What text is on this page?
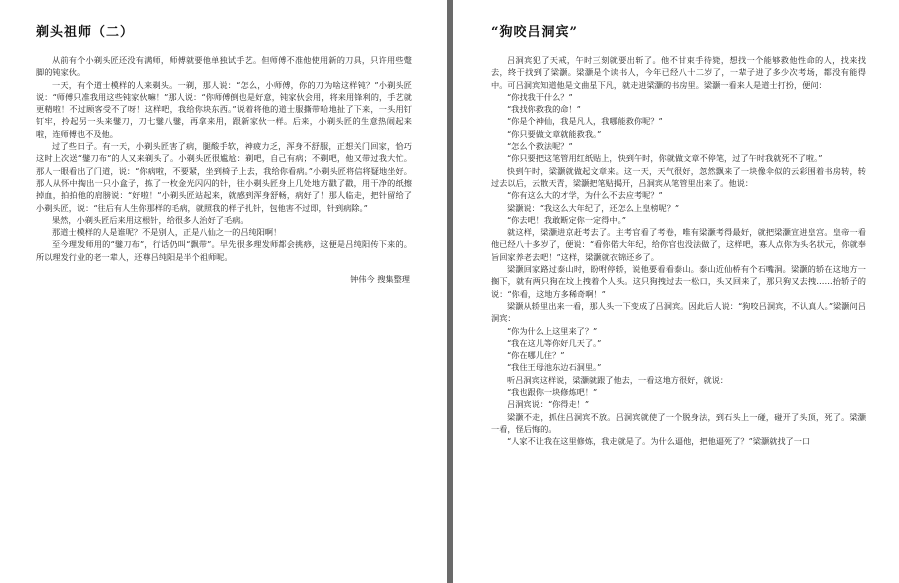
剃头祖师（二）

从前有个小剃头匠还没有满师，师傅就要他单独试手艺。但师傅不准他使用新的刀具，只许用些蹩脚的钝家伙。

一天，有个道士模样的人来剃头。一剃，那人说：“怎么，小师傅，你的刀为啥这样钝？”小剃头匠说：“师傅只准我用这些钝家伙嘛！”那人说：“你师傅倒也是好意，钝家伙会用，将来用锋利的，手艺就更精啦！不过顾客受不了呀！这样吧，我给你块东西。”说着将他的道士服撕带哈地扯了下来，一头用钉钉牢，拎起另一头来鐾刀，刀七鐾八鐾，再拿来用，跟新家伙一样。后来，小剃头匠的生意热闹起来啦，连师傅也不及他。

过了些日子。有一天，小剃头匠害了病，腿酸手软，神疲力乏，浑身不舒服，正想关门回家，恰巧这时上次送“鐾刀布”的人又来剃头了。小剃头匠很尴尬：剃吧，自己有病；不剃吧，他又带过我大忙。那人一眼看出了门道，说：“你病啦，不要紧，坐到椅子上去，我给你看病。”小剃头匠将信将疑地坐好。那人从怀中掏出一只小盒子，拣了一枚金光闪闪的针，往小剃头匠身上几处地方戳了戳，用干净的纸擦掉血，拍拍他的肩膀说：“好啦！”小剃头匠站起来，就感到浑身舒畅，病好了！那人临走，把针留给了小剃头匠，说：“往后有人生你那样的毛病，就照我的样子扎针，包他害不过即，针到病除。”

果然，小剃头匠后来用这根针，给很多人治好了毛病。

那道士模样的人是谁呢？不是别人，正是八仙之一的吕纯阳啊！

至今理发师用的“鐾刀布”，行话仍叫“飘带”。早先很多理发师都会挑痧，这便是吕纯阳传下来的。所以理发行业的老一辈人，还尊吕纯阳是半个祖师呢。

钟伟今 搜集整理
“狗咬吕洞宾”

吕洞宾犯了天戒，午时三刻就要出斩了。他不甘束手待毙，想找一个能够救他性命的人，找来找去，终于找到了梁灏。梁灏是个读书人，今年已经八十二岁了，一辈子进了多少次考场，都没有能得中。可吕洞宾知道他是文曲星下凡，就走进梁灏的书房里。梁灏一看来人是道士打扮，便问：

“你找我干什么？”

“我找你救我的命！”

“你是个神仙，我是凡人，我哪能救你呢？”

“你只要做文章就能救我。”

“怎么个救法呢？”

“你只要把这笔管用红纸贴上，快到午时，你就做文章不停笔，过了午时我就死不了啦。”

快到午时，梁灏就做起文章来。这一天，天气很好，忽然飘来了一块像伞似的云彩围着书房转，转过去以后，云散天青，梁灏把笔贴揭开，吕洞宾从笔管里出来了。他说：

“你有这么大的才学，为什么不去应考呢？”

梁灏说：“我这么大年纪了，还怎么上皇榜呢？”

“你去吧！我敢断定你一定得中。”

就这样，梁灏进京赶考去了。主考官看了考卷，唯有梁灏考得最好，就把梁灏宣进皇宫。皇帝一看他已经八十多岁了，便说：“看你偌大年纪，给你官也没法做了，这样吧，寡人点你为头名状元，你就奉旨回家养老去吧！”这样，梁灏就衣锦还乡了。

梁灏回家路过泰山时，盼咐停轿，说他要看看泰山。泰山近仙桥有个石嘴洞。梁灏的轿在这地方一搁下，就有两只狗在坟上拽着个人头。这只狗拽过去一松口，头又回来了，那只狗又去拽……抬轿子的说：“你看，这地方多稀奇啊！”

梁灏从轿里出来一看，那人头一下变成了吕洞宾。因此后人说：“狗咬吕洞宾，不认真人。”梁灏问吕洞宾：

“你为什么上这里来了？”

“我在这儿等你好几天了。”

“你在哪儿住？”

“我住王母池东边石洞里。”

听吕洞宾这样说，梁灏就跟了他去，一看这地方很好，就说：

“我也跟你一块修炼吧！”

吕洞宾说：“你得走！”

梁灏不走，抓住吕洞宾不放。吕洞宾就使了一个脱身法，到石头上一碰，碰开了头顶，死了。梁灏一看，怪后悔的。

“人家不让我在这里修炼，我走就是了。为什么逼他，把他逼死了？”梁灏就找了一口
